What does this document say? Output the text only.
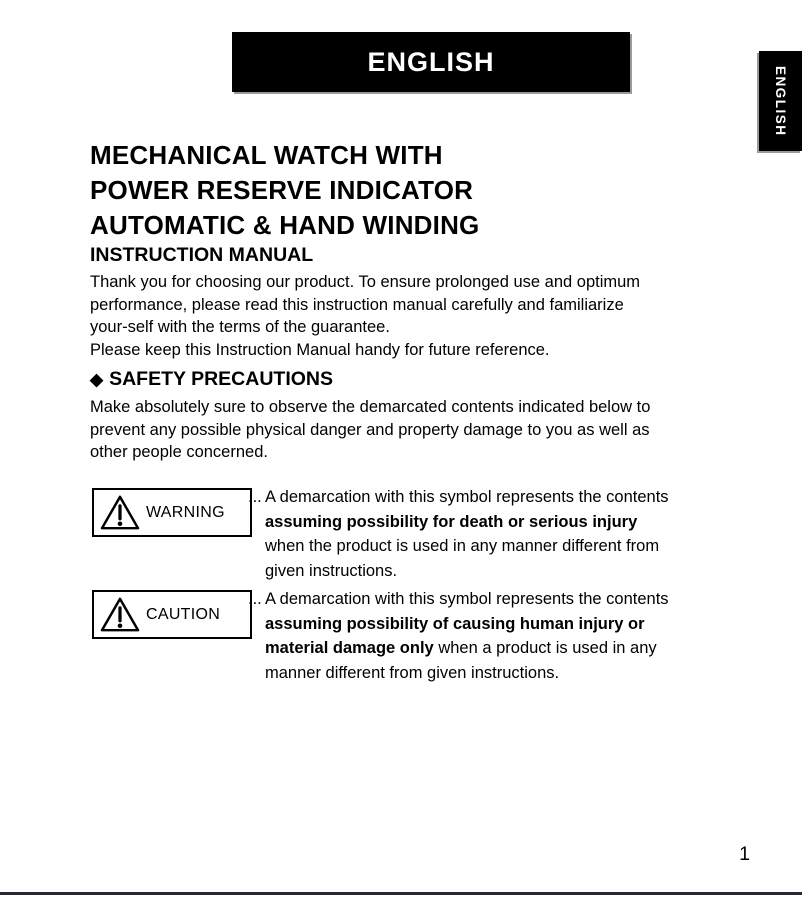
ENGLISH
ENGLISH
MECHANICAL WATCH WITH
POWER RESERVE INDICATOR
AUTOMATIC & HAND WINDING
INSTRUCTION MANUAL
Thank you for choosing our product. To ensure prolonged use and optimum
performance, please read this instruction manual carefully and familiarize
your-self with the terms of the guarantee.
Please keep this Instruction Manual handy for future reference.
◆ SAFETY PRECAUTIONS
Make absolutely sure to observe the demarcated contents indicated below to
prevent any possible physical danger and property damage to you as well as
other people concerned.
WARNING
... A demarcation with this symbol represents the contents
assuming possibility for death or serious injury
when the product is used in any manner different from
given instructions.
CAUTION
... A demarcation with this symbol represents the contents
assuming possibility of causing human injury or
material damage only when a product is used in any
manner different from given instructions.
1
